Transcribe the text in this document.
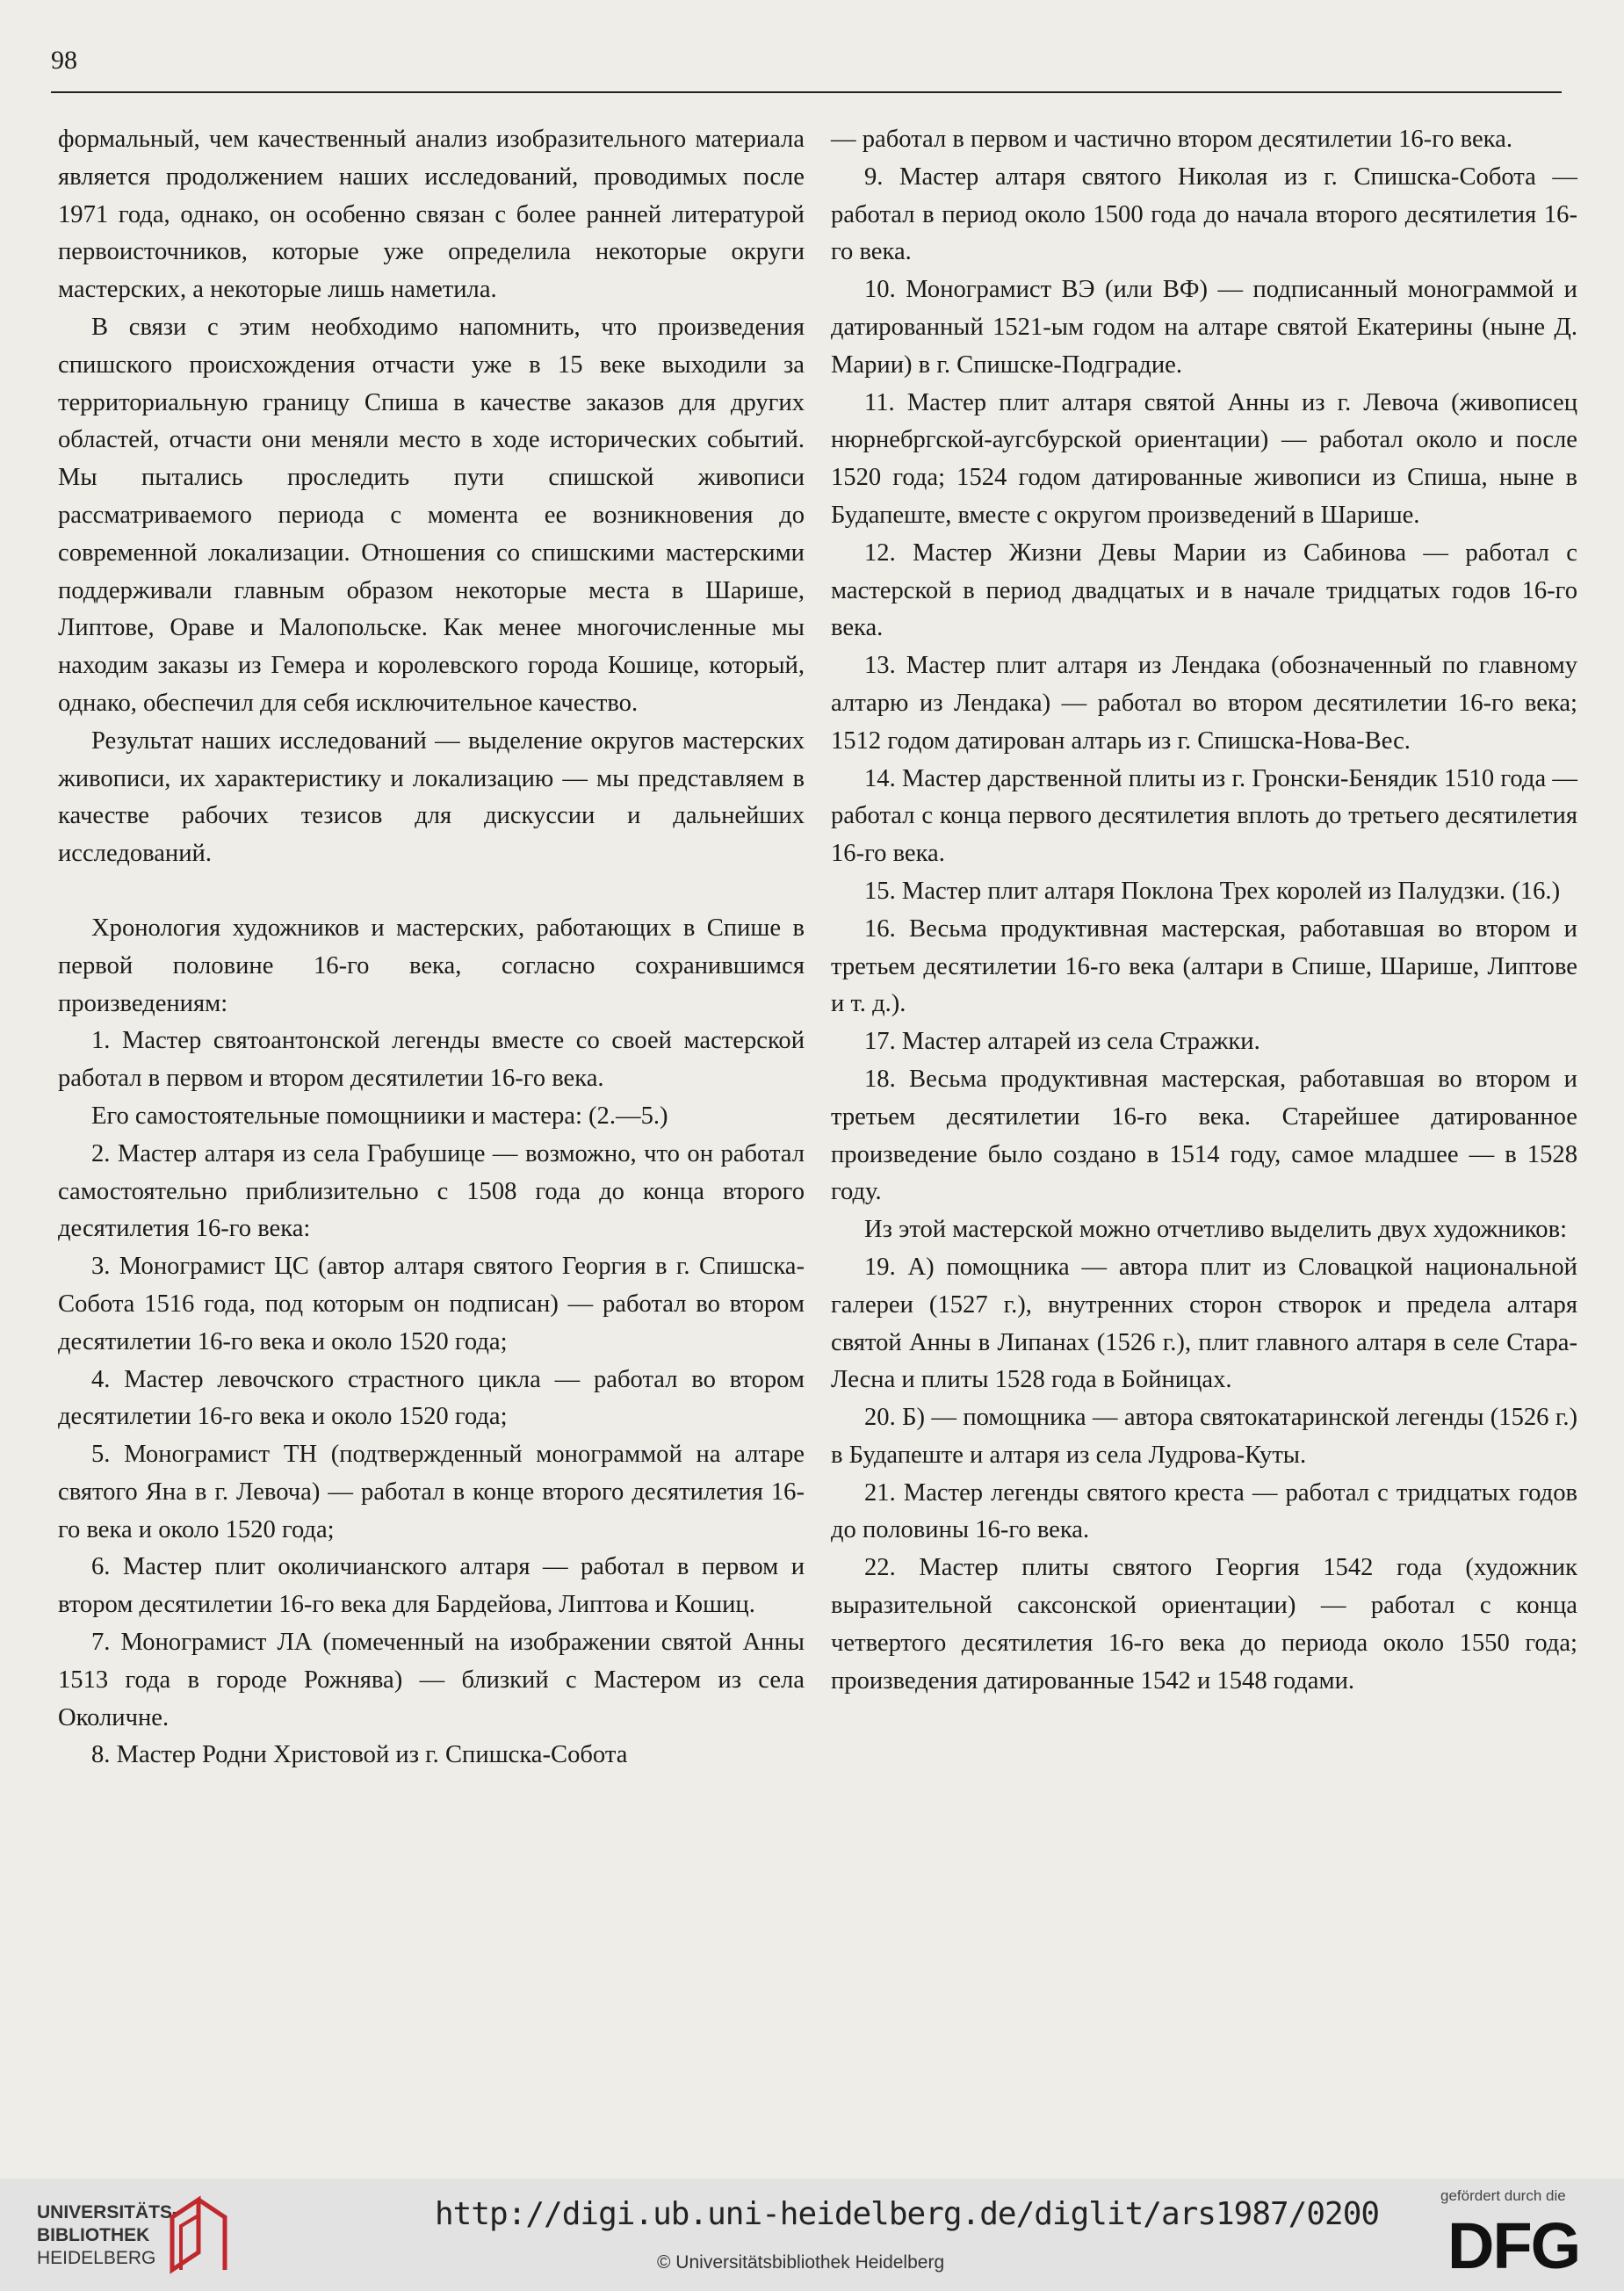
98

формальный, чем качественный анализ изобразительного материала является продолжением наших исследований, проводимых после 1971 года, однако, он особенно связан с более ранней литературой первоисточников, которые уже определила некоторые округи мастерских, а некоторые лишь наметила.

В связи с этим необходимо напомнить, что произведения спишского происхождения отчасти уже в 15 веке выходили за территориальную границу Спиша в качестве заказов для других областей, отчасти они меняли место в ходе исторических событий. Мы пытались проследить пути спишской живописи рассматриваемого периода с момента ее возникновения до современной локализации. Отношения со спишскими мастерскими поддерживали главным образом некоторые места в Шарише, Липтове, Ораве и Малопольске. Как менее многочисленные мы находим заказы из Гемера и королевского города Кошице, который, однако, обеспечил для себя исключительное качество.

Результат наших исследований — выделение округов мастерских живописи, их характеристику и локализацию — мы представляем в качестве рабочих тезисов для дискуссии и дальнейших исследований.

Хронология художников и мастерских, работающих в Спише в первой половине 16-го века, согласно сохранившимся произведениям:

1. Мастер святоантонской легенды вместе со своей мастерской работал в первом и втором десятилетии 16-го века.

Его самостоятельные помощниики и мастера: (2.—5.)

2. Мастер алтаря из села Грабушице — возможно, что он работал самостоятельно приблизительно с 1508 года до конца второго десятилетия 16-го века:

3. Монограмист ЦС (автор алтаря святого Георгия в г. Спишска-Собота 1516 года, под которым он подписан) — работал во втором десятилетии 16-го века и около 1520 года;

4. Мастер левочского страстного цикла — работал во втором десятилетии 16-го века и около 1520 года;

5. Монограмист ТН (подтвержденный монограммой на алтаре святого Яна в г. Левоча) — работал в конце второго десятилетия 16-го века и около 1520 года;

6. Мастер плит околичианского алтаря — работал в первом и втором десятилетии 16-го века для Бардейова, Липтова и Кошиц.

7. Монограмист ЛА (помеченный на изображении святой Анны 1513 года в городе Рожнява) — близкий с Мастером из села Околичне.

8. Мастер Родни Христовой из г. Спишска-Собота

— работал в первом и частично втором десятилетии 16-го века.

9. Мастер алтаря святого Николая из г. Спишска-Собота — работал в период около 1500 года до начала второго десятилетия 16-го века.

10. Монограмист ВЭ (или ВФ) — подписанный монограммой и датированный 1521-ым годом на алтаре святой Екатерины (ныне Д. Марии) в г. Спишске-Подградие.

11. Мастер плит алтаря святой Анны из г. Левоча (живописец нюрнебргской-аугсбурской ориентации) — работал около и после 1520 года; 1524 годом датированные живописи из Спиша, ныне в Будапеште, вместе с округом произведений в Шарише.

12. Мастер Жизни Девы Марии из Сабинова — работал с мастерской в период двадцатых и в начале тридцатых годов 16-го века.

13. Мастер плит алтаря из Лендака (обозначенный по главному алтарю из Лендака) — работал во втором десятилетии 16-го века; 1512 годом датирован алтарь из г. Спишска-Нова-Вес.

14. Мастер дарственной плиты из г. Гронски-Бенядик 1510 года — работал с конца первого десятилетия вплоть до третьего десятилетия 16-го века.

15. Мастер плит алтаря Поклона Трех королей из Палудзки. (16.)

16. Весьма продуктивная мастерская, работавшая во втором и третьем десятилетии 16-го века (алтари в Спише, Шарише, Липтове и т. д.).

17. Мастер алтарей из села Стражки.

18. Весьма продуктивная мастерская, работавшая во втором и третьем десятилетии 16-го века. Старейшее датированное произведение было создано в 1514 году, самое младшее — в 1528 году.

Из этой мастерской можно отчетливо выделить двух художников:

19. А) помощника — автора плит из Словацкой национальной галереи (1527 г.), внутренних сторон створок и предела алтаря святой Анны в Липанах (1526 г.), плит главного алтаря в селе Стара-Лесна и плиты 1528 года в Бойницах.

20. Б) — помощника — автора святокатаринской легенды (1526 г.) в Будапеште и алтаря из села Лудрова-Куты.

21. Мастер легенды святого креста — работал с тридцатых годов до половины 16-го века.

22. Мастер плиты святого Георгия 1542 года (художник выразительной саксонской ориентации) — работал с конца четвертого десятилетия 16-го века до периода около 1550 года; произведения датированные 1542 и 1548 годами.

UNIVERSITÄTS-
BIBLIOTHEK
HEIDELBERG
http://digi.ub.uni-heidelberg.de/diglit/ars1987/0200
© Universitätsbibliothek Heidelberg
gefördert durch die
DFG
